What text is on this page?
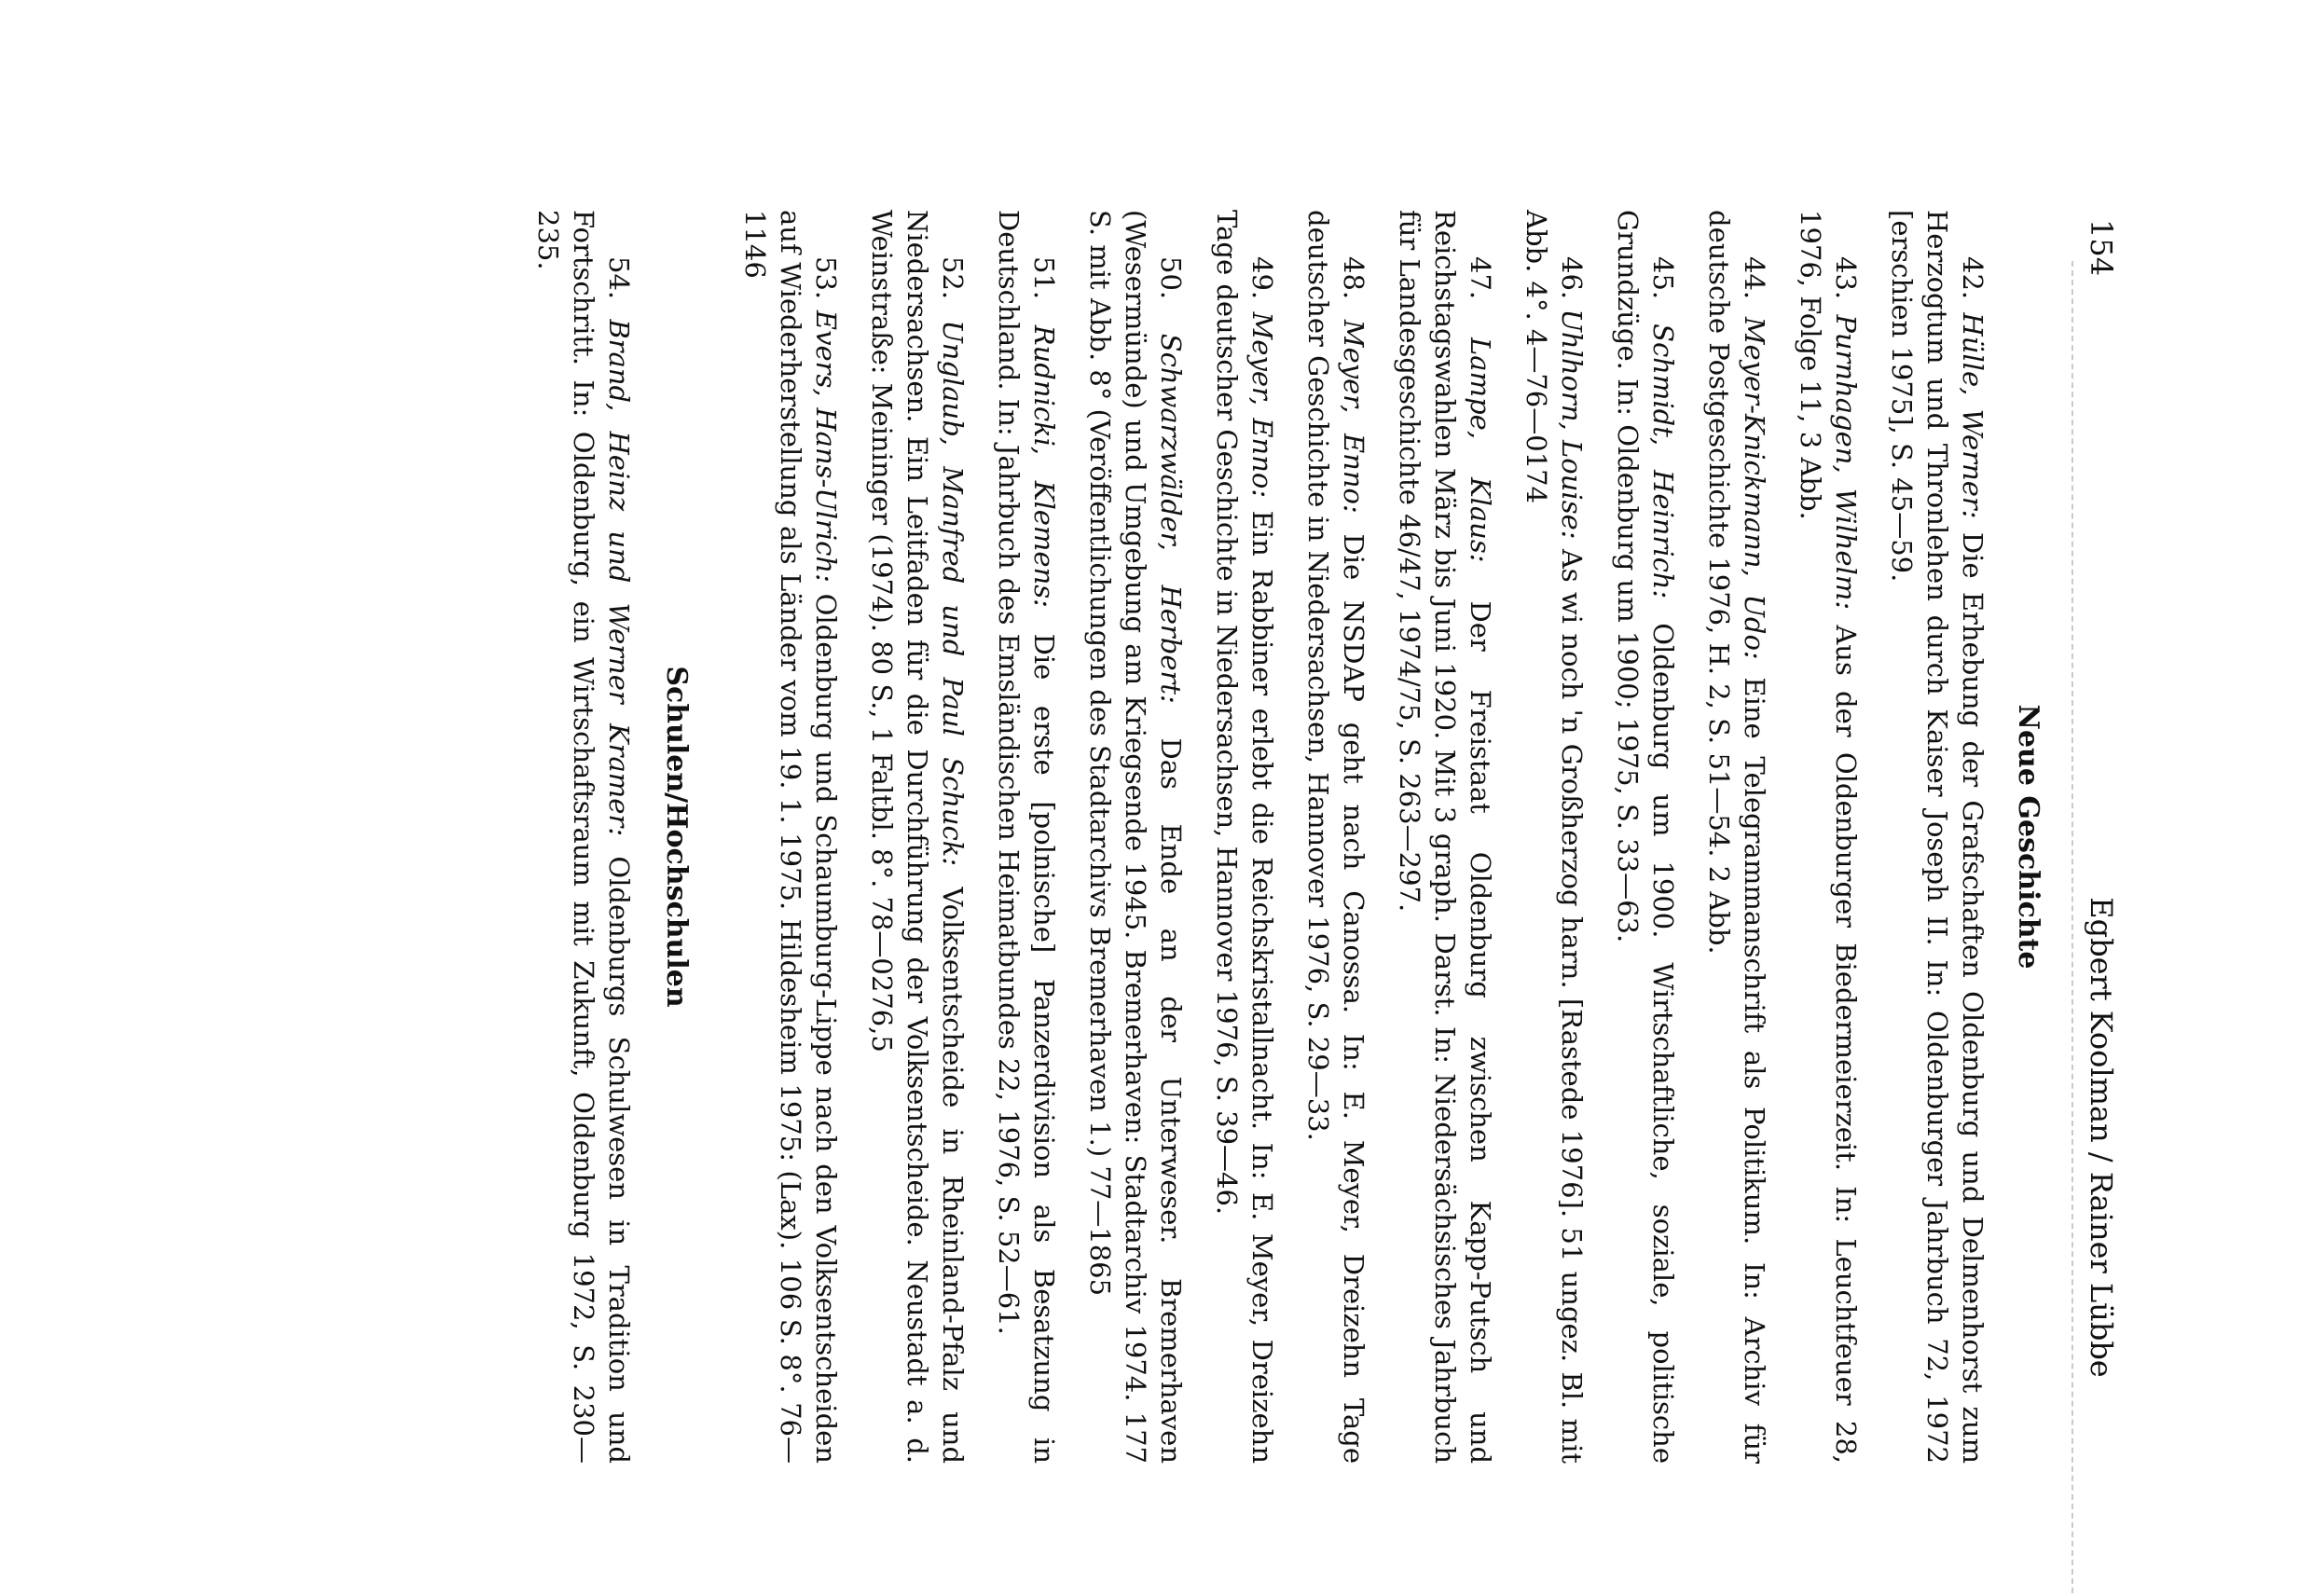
154
Egbert Koolman / Rainer Lübbe
Neue Geschichte

42. Hülle, Werner: Die Erhebung der Grafschaften Oldenburg und Delmenhorst zum Herzogtum und Thronlehen durch Kaiser Joseph II. In: Oldenburger Jahrbuch 72, 1972 [erschien 1975], S. 45—59.

43. Purnhagen, Wilhelm: Aus der Oldenburger Biedermeierzeit. In: Leuchtfeuer 28, 1976, Folge 11, 3 Abb.

44. Meyer-Knickmann, Udo: Eine Telegrammanschrift als Politikum. In: Archiv für deutsche Postgeschichte 1976, H. 2, S. 51—54. 2 Abb.

45. Schmidt, Heinrich: Oldenburg um 1900. Wirtschaftliche, soziale, politische Grundzüge. In: Oldenburg um 1900; 1975, S. 33—63.

46. Uhlhorn, Louise: As wi noch 'n Großherzog harn. [Rastede 1976]. 51 ungez. Bl. mit Abb. 4°. 4—76—0174

47. Lampe, Klaus: Der Freistaat Oldenburg zwischen Kapp-Putsch und Reichstagswahlen März bis Juni 1920. Mit 3 graph. Darst. In: Niedersächsisches Jahrbuch für Landesgeschichte 46/47, 1974/75, S. 263—297.

48. Meyer, Enno: Die NSDAP geht nach Canossa. In: E. Meyer, Dreizehn Tage deutscher Geschichte in Niedersachsen, Hannover 1976, S. 29—33.

49. Meyer, Enno: Ein Rabbiner erlebt die Reichskristallnacht. In: E. Meyer, Dreizehn Tage deutscher Geschichte in Niedersachsen, Hannover 1976, S. 39—46.

50. Schwarzwälder, Herbert: Das Ende an der Unterweser. Bremerhaven (Wesermünde) und Umgebung am Kriegsende 1945. Bremerhaven: Stadtarchiv 1974. 177 S. mit Abb. 8° (Veröffentlichungen des Stadtarchivs Bremerhaven 1.) 77—1865

51. Rudnicki, Klemens: Die erste [polnische] Panzerdivision als Besatzung in Deutschland. In: Jahrbuch des Emsländischen Heimatbundes 22, 1976, S. 52—61.

52. Unglaub, Manfred und Paul Schuck: Volksentscheide in Rheinland-Pfalz und Niedersachsen. Ein Leitfaden für die Durchführung der Volksentscheide. Neustadt a. d. Weinstraße: Meininger (1974). 80 S., 1 Faltbl. 8°. 78—0276,5

53. Evers, Hans-Ulrich: Oldenburg und Schaumburg-Lippe nach den Volksentscheiden auf Wiederherstellung als Länder vom 19. 1. 1975. Hildesheim 1975: (Lax). 106 S. 8°. 76—1146

Schulen/Hochschulen

54. Brand, Heinz und Werner Kramer: Oldenburgs Schulwesen in Tradition und Fortschritt. In: Oldenburg, ein Wirtschaftsraum mit Zukunft, Oldenburg 1972, S. 230—235.
